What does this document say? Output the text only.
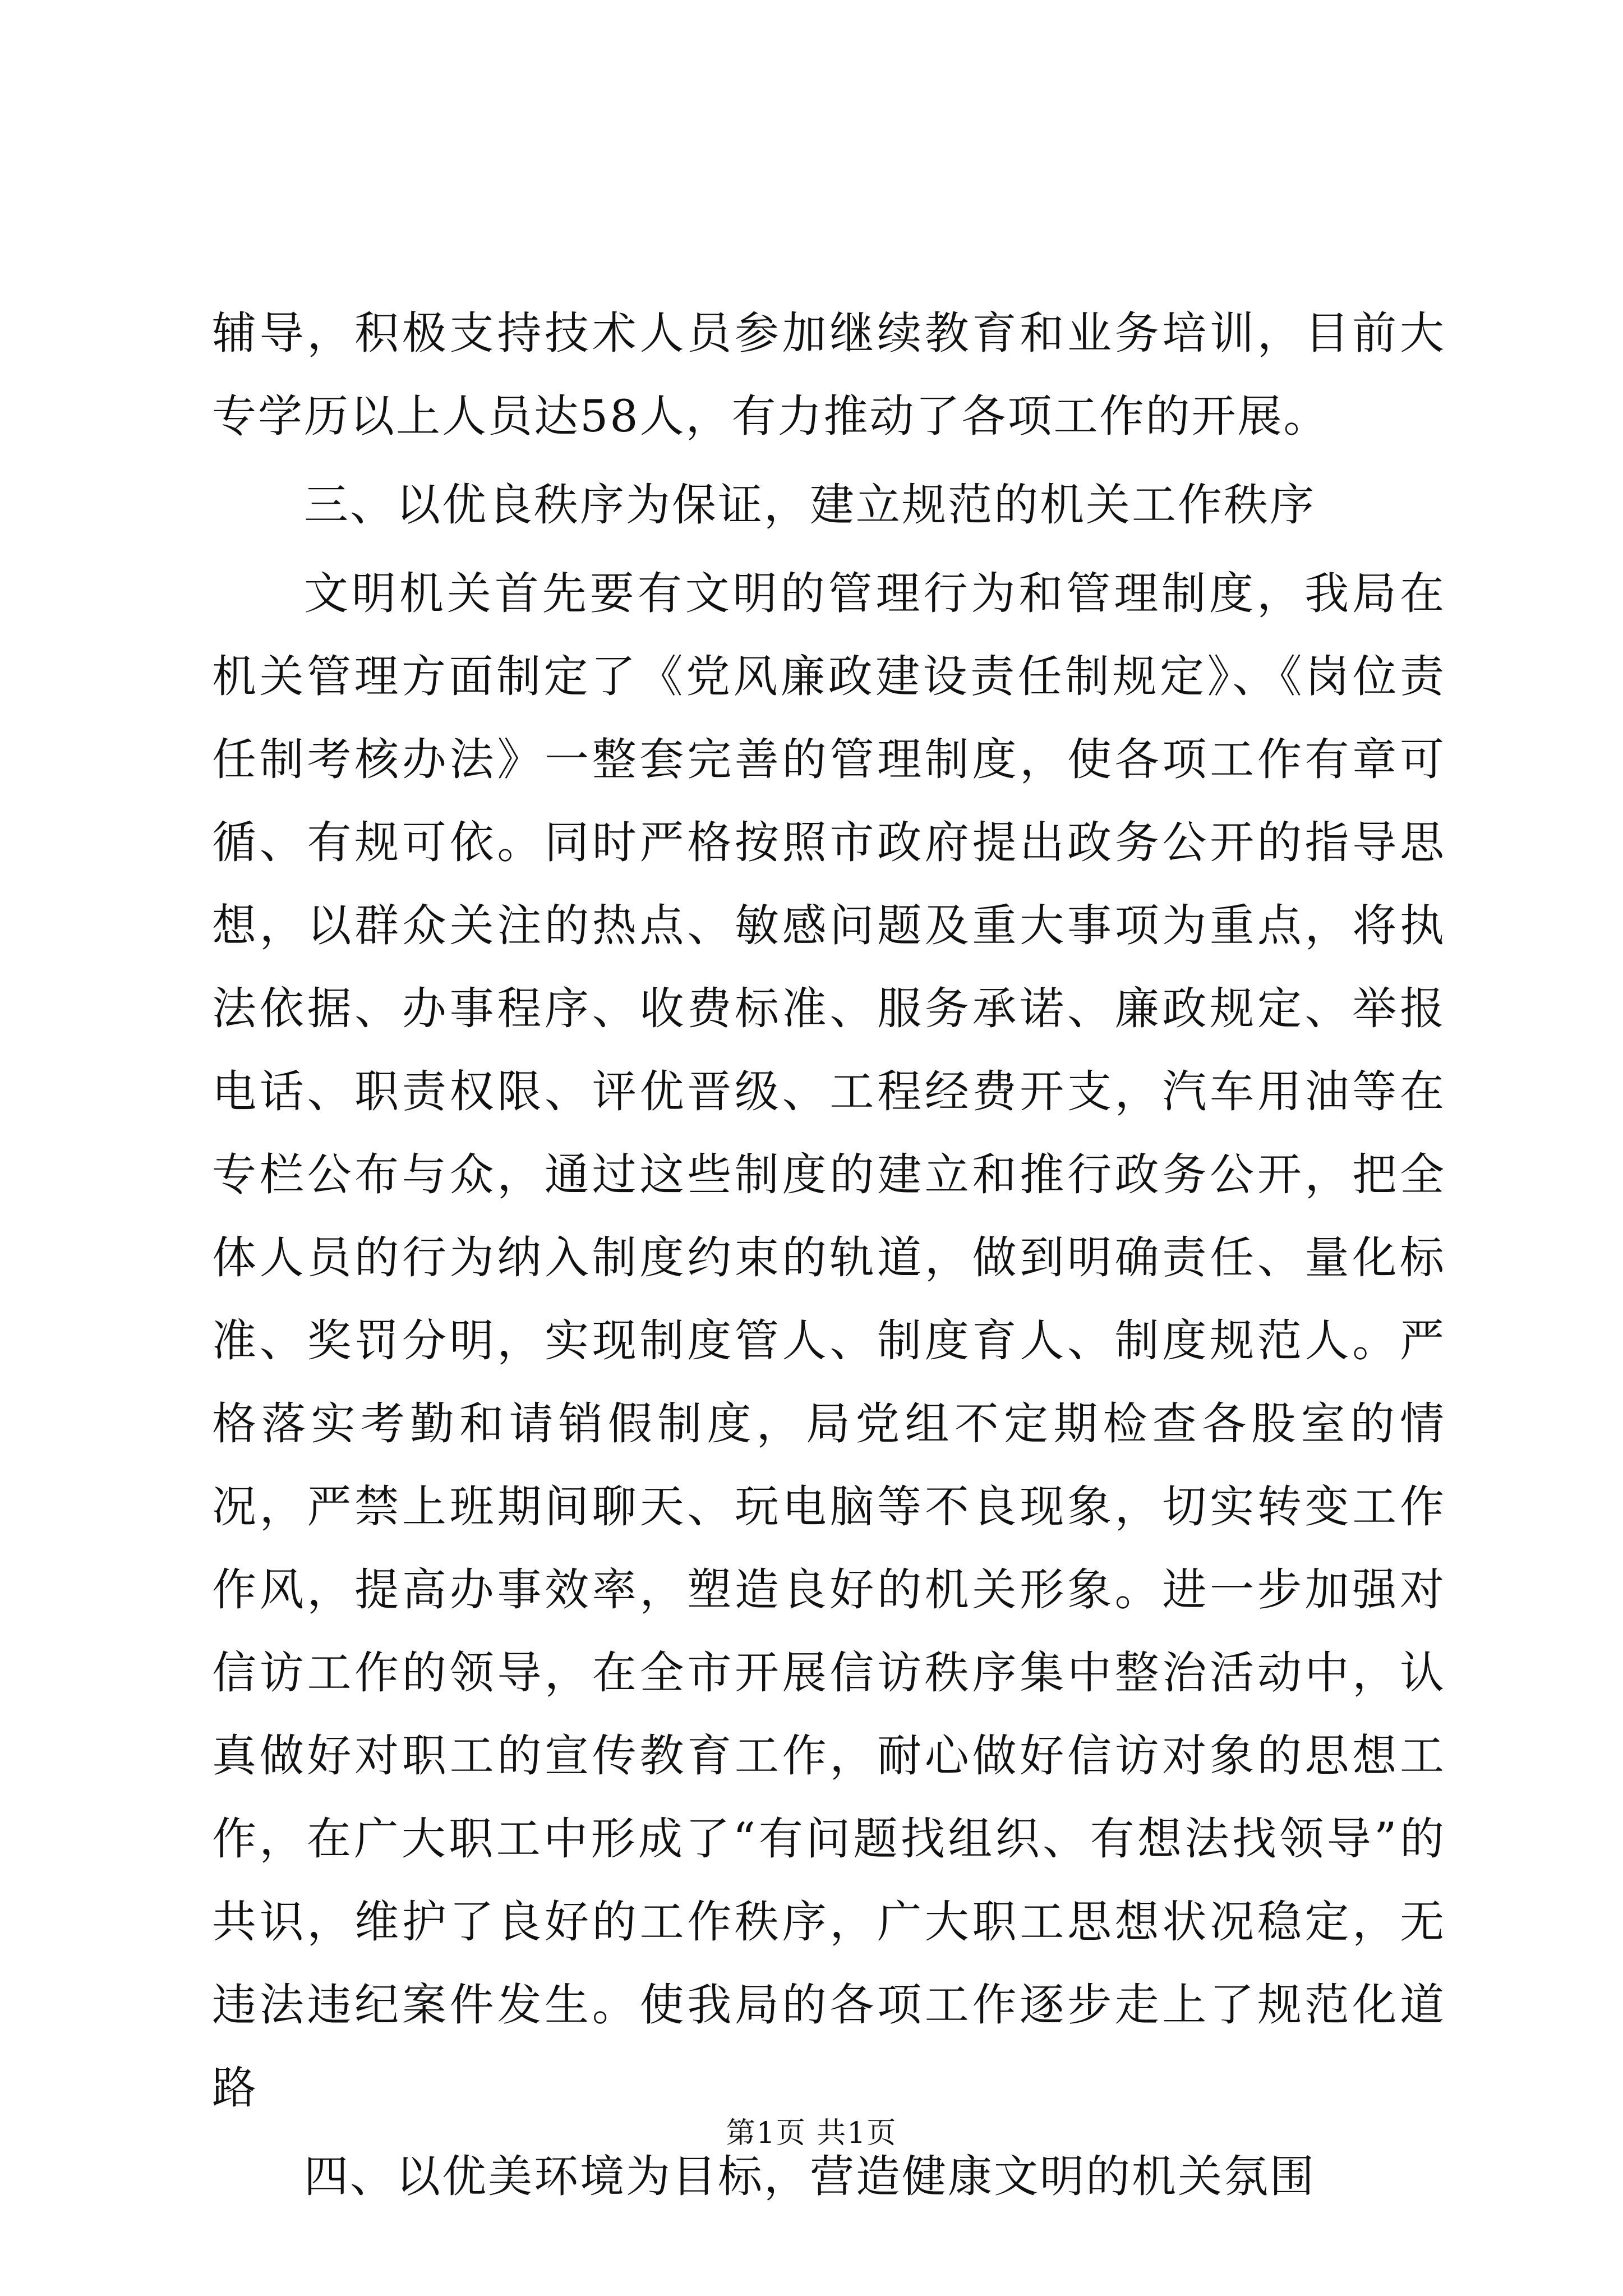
辅导，积极支持技术人员参加继续教育和业务培训，目前大专学历以上人员达58人，有力推动了各项工作的开展。

三、以优良秩序为保证，建立规范的机关工作秩序

文明机关首先要有文明的管理行为和管理制度，我局在机关管理方面制定了《党风廉政建设责任制规定》、《岗位责任制考核办法》一整套完善的管理制度，使各项工作有章可循、有规可依。同时严格按照市政府提出政务公开的指导思想，以群众关注的热点、敏感问题及重大事项为重点，将执法依据、办事程序、收费标准、服务承诺、廉政规定、举报电话、职责权限、评优晋级、工程经费开支，汽车用油等在专栏公布与众，通过这些制度的建立和推行政务公开，把全体人员的行为纳入制度约束的轨道，做到明确责任、量化标准、奖罚分明，实现制度管人、制度育人、制度规范人。严格落实考勤和请销假制度，局党组不定期检查各股室的情况，严禁上班期间聊天、玩电脑等不良现象，切实转变工作作风，提高办事效率，塑造良好的机关形象。进一步加强对信访工作的领导，在全市开展信访秩序集中整治活动中，认真做好对职工的宣传教育工作，耐心做好信访对象的思想工作，在广大职工中形成了“有问题找组织、有想法找领导”的共识，维护了良好的工作秩序，广大职工思想状况稳定，无违法违纪案件发生。使我局的各项工作逐步走上了规范化道路

四、以优美环境为目标，营造健康文明的机关氛围

第1页 共1页
